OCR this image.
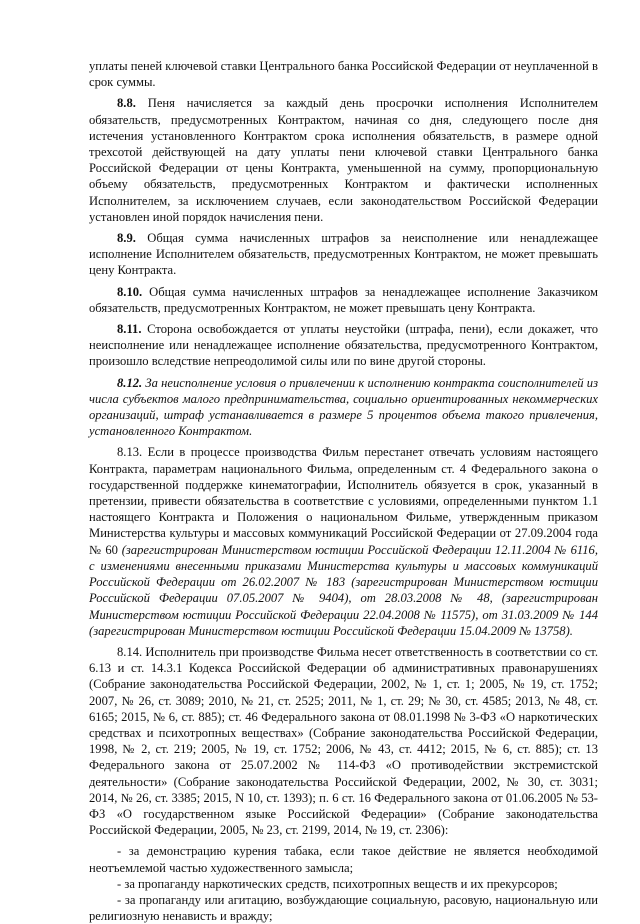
уплаты пеней ключевой ставки Центрального банка Российской Федерации от неуплаченной в срок суммы.

8.8. Пеня начисляется за каждый день просрочки исполнения Исполнителем обязательств, предусмотренных Контрактом, начиная со дня, следующего после дня истечения установленного Контрактом срока исполнения обязательств, в размере одной трехсотой действующей на дату уплаты пени ключевой ставки Центрального банка Российской Федерации от цены Контракта, уменьшенной на сумму, пропорциональную объему обязательств, предусмотренных Контрактом и фактически исполненных Исполнителем, за исключением случаев, если законодательством Российской Федерации установлен иной порядок начисления пени.

8.9. Общая сумма начисленных штрафов за неисполнение или ненадлежащее исполнение Исполнителем обязательств, предусмотренных Контрактом, не может превышать цену Контракта.

8.10. Общая сумма начисленных штрафов за ненадлежащее исполнение Заказчиком обязательств, предусмотренных Контрактом, не может превышать цену Контракта.

8.11. Сторона освобождается от уплаты неустойки (штрафа, пени), если докажет, что неисполнение или ненадлежащее исполнение обязательства, предусмотренного Контрактом, произошло вследствие непреодолимой силы или по вине другой стороны.

8.12. За неисполнение условия о привлечении к исполнению контракта соисполнителей из числа субъектов малого предпринимательства, социально ориентированных некоммерческих организаций, штраф устанавливается в размере 5 процентов объема такого привлечения, установленного Контрактом.

8.13. Если в процессе производства Фильм перестанет отвечать условиям настоящего Контракта, параметрам национального Фильма, определенным ст. 4 Федерального закона о государственной поддержке кинематографии, Исполнитель обязуется в срок, указанный в претензии, привести обязательства в соответствие с условиями, определенными пунктом 1.1 настоящего Контракта и Положения о национальном Фильме, утвержденным приказом Министерства культуры и массовых коммуникаций Российской Федерации от 27.09.2004 года № 60 (зарегистрирован Министерством юстиции Российской Федерации 12.11.2004 № 6116, с изменениями внесенными приказами Министерства культуры и массовых коммуникаций Российской Федерации от 26.02.2007 № 183 (зарегистрирован Министерством юстиции Российской Федерации 07.05.2007 № 9404), от 28.03.2008 № 48, (зарегистрирован Министерством юстиции Российской Федерации 22.04.2008 № 11575), от 31.03.2009 № 144 (зарегистрирован Министерством юстиции Российской Федерации 15.04.2009 № 13758).

8.14. Исполнитель при производстве Фильма несет ответственность в соответствии со ст. 6.13 и ст. 14.3.1 Кодекса Российской Федерации об административных правонарушениях (Собрание законодательства Российской Федерации, 2002, № 1, ст. 1; 2005, № 19, ст. 1752; 2007, № 26, ст. 3089; 2010, № 21, ст. 2525; 2011, № 1, ст. 29; № 30, ст. 4585; 2013, № 48, ст. 6165; 2015, № 6, ст. 885); ст. 46 Федерального закона от 08.01.1998 № 3-ФЗ «О наркотических средствах и психотропных веществах» (Собрание законодательства Российской Федерации, 1998, № 2, ст. 219; 2005, № 19, ст. 1752; 2006, № 43, ст. 4412; 2015, № 6, ст. 885); ст. 13 Федерального закона от 25.07.2002 № 114-ФЗ «О противодействии экстремистской деятельности» (Собрание законодательства Российской Федерации, 2002, № 30, ст. 3031; 2014, № 26, ст. 3385; 2015, N 10, ст. 1393); п. 6 ст. 16 Федерального закона от 01.06.2005 № 53-ФЗ «О государственном языке Российской Федерации» (Собрание законодательства Российской Федерации, 2005, № 23, ст. 2199, 2014, № 19, ст. 2306):

- за демонстрацию курения табака, если такое действие не является необходимой неотъемлемой частью художественного замысла;

- за пропаганду наркотических средств, психотропных веществ и их прекурсоров;

- за пропаганду или агитацию, возбуждающие социальную, расовую, национальную или религиозную ненависть и вражду;
